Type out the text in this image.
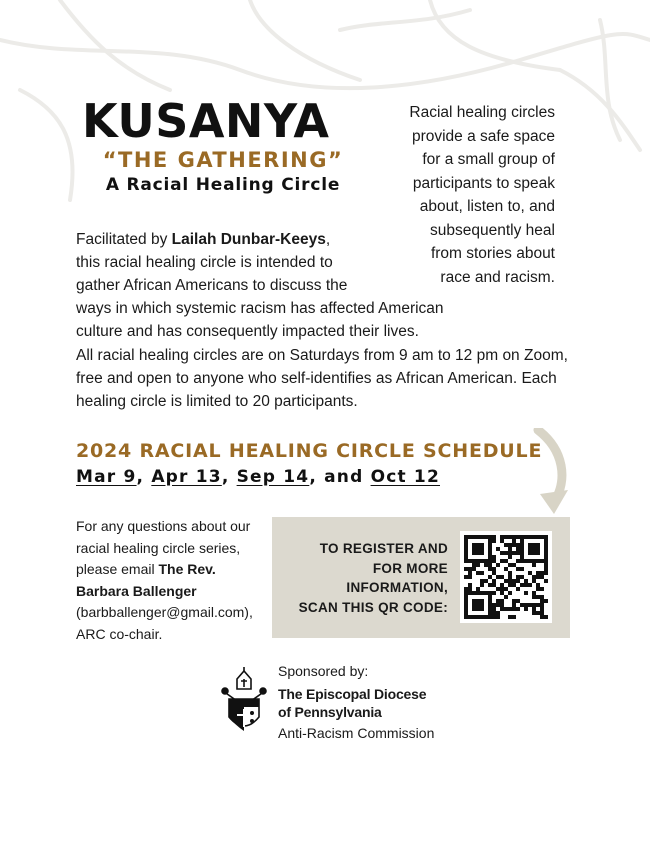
KUSANYA
“THE GATHERING”
A Racial Healing Circle
Racial healing circles
provide a safe space
for a small group of
participants to speak
about, listen to, and
subsequently heal
from stories about
race and racism.
Facilitated by Lailah Dunbar-Keeys,
this racial healing circle is intended to
gather African Americans to discuss the
ways in which systemic racism has affected American
culture and has consequently impacted their lives.
All racial healing circles are on Saturdays from 9 am to 12 pm on Zoom, free and open to anyone who self-identifies as African American. Each healing circle is limited to 20 participants.
2024 RACIAL HEALING CIRCLE SCHEDULE
Mar 9, Apr 13, Sep 14, and Oct 12
For any questions about our
racial healing circle series,
please email The Rev.
Barbara Ballenger
(barbballenger@gmail.com),
ARC co-chair.
TO REGISTER AND
FOR MORE
INFORMATION,
SCAN THIS QR CODE:
Sponsored by:
The Episcopal Diocese
of Pennsylvania
Anti-Racism Commission
